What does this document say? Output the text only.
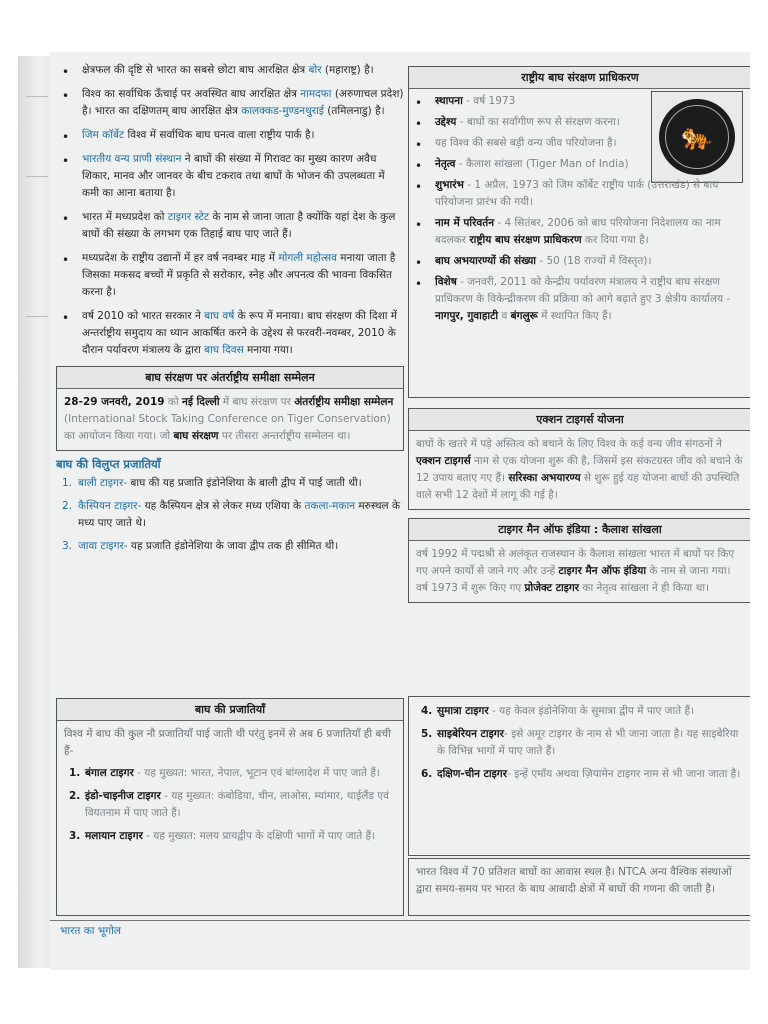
• क्षेत्रफल की दृष्टि से भारत का सबसे छोटा बाघ आरक्षित क्षेत्र बोर (महाराष्ट्र) है।
• विश्व का सर्वाधिक ऊँचाई पर अवस्थित बाघ आरक्षित क्षेत्र नामदफा (अरुणाचल प्रदेश) है। भारत का दक्षिणतम् बाघ आरक्षित क्षेत्र कालक्कड-मुण्डनथुराई (तमिलनाडु) है।
• जिम कॉर्बेट विश्व में सर्वाधिक बाघ घनत्व वाला राष्ट्रीय पार्क है।
• भारतीय वन्य प्राणी संस्थान ने बाघों की संख्या में गिरावट का मुख्य कारण अवैध शिकार, मानव और जानवर के बीच टकराव तथा बाघों के भोजन की उपलब्धता में कमी का आना बताया है।
• भारत में मध्यप्रदेश को टाइगर स्टेट के नाम से जाना जाता है क्योंकि यहां देश के कुल बाघों की संख्या के लगभग एक तिहाई बाघ पाए जाते हैं।
• मध्यप्रदेश के राष्ट्रीय उद्यानों में हर वर्ष नवम्बर माह में मोगली महोत्सव मनाया जाता है जिसका मकसद बच्चों में प्रकृति से सरोकार, स्नेह और अपनत्व की भावना विकसित करना है।
• वर्ष 2010 को भारत सरकार ने बाघ वर्ष के रूप में मनाया। बाघ संरक्षण की दिशा में अन्तर्राष्ट्रीय समुदाय का ध्यान आकर्षित करने के उद्देश्य से फरवरी-नवम्बर, 2010 के दौरान पर्यावरण मंत्रालय के द्वारा बाघ दिवस मनाया गया।
बाघ संरक्षण पर अंतर्राष्ट्रीय समीक्षा सम्मेलन
28-29 जनवरी, 2019 को नई दिल्ली में बाघ संरक्षण पर अंतर्राष्ट्रीय समीक्षा सम्मेलन (International Stock Taking Conference on Tiger Conservation) का आयोजन किया गया। जो बाघ संरक्षण पर तीसरा अन्तर्राष्ट्रीय सम्मेलन था।
बाघ की विलुप्त प्रजातियाँ
1. बाली टाइगर- बाघ की यह प्रजाति इंडोनेशिया के बाली द्वीप में पाई जाती थी।
2. कैस्पियन टाइगर- यह कैस्पियन क्षेत्र से लेकर मध्य एशिया के तकला-मकान मरुस्थल के मध्य पाए जाते थे।
3. जावा टाइगर- यह प्रजाति इंडोनेशिया के जावा द्वीप तक ही सीमित थी।
राष्ट्रीय बाघ संरक्षण प्राधिकरण
🐅
• स्थापना - वर्ष 1973
• उद्देश्य - बाघों का सर्वांगीण रूप से संरक्षण करना।
• यह विश्व की सबसे बड़ी वन्य जीव परियोजना है।
• नेतृत्व - कैलाश सांखला (Tiger Man of India)
• शुभारंभ - 1 अप्रैल, 1973 को जिम कॉर्बेट राष्ट्रीय पार्क (उत्तराखंड) से बाघ परियोजना प्रारंभ की गयी।
• नाम में परिवर्तन - 4 सितंबर, 2006 को बाघ परियोजना निदेशालय का नाम बदलकर राष्ट्रीय बाघ संरक्षण प्राधिकरण कर दिया गया है।
• बाघ अभयारण्यों की संख्या - 50 (18 राज्यों में विस्तृत)।
• विशेष - जनवरी, 2011 को केन्द्रीय पर्यावरण मंत्रालय ने राष्ट्रीय बाघ संरक्षण प्राधिकरण के विकेन्द्रीकरण की प्रक्रिया को आगे बढ़ाते हुए 3 क्षेत्रीय कार्यालय - नागपुर, गुवाहाटी व बंगलुरू में स्थापित किए हैं।
एक्शन टाइगर्स योजना
बाघों के खतरे में पड़े अस्तित्व को बचाने के लिए विश्व के कई वन्य जीव संगठनों ने एक्शन टाइगर्स नाम से एक योजना शुरू की है, जिसमें इस संकटग्रस्त जीव को बचाने के 12 उपाय बताए गए हैं। सरिस्का अभयारण्य से शुरू हुई यह योजना बाघों की उपस्थिति वाले सभी 12 देशों में लागू की गई है।
टाइगर मैन ऑफ इंडिया : कैलाश सांखला
वर्ष 1992 में पद्मश्री से अलंकृत राजस्थान के कैलाश सांखला भारत में बाघों पर किए गए अपने कार्यों से जाने गए और उन्हें टाइगर मैन ऑफ इंडिया के नाम से जाना गया। वर्ष 1973 में शुरू किए गए प्रोजेक्ट टाइगर का नेतृत्व सांखला ने ही किया था।
बाघ की प्रजातियाँ
विश्व में बाघ की कुल नौ प्रजातियाँ पाई जाती थी परंतु इनमें से अब 6 प्रजातियाँ ही बची हैं-
1. बंगाल टाइगर - यह मुख्यत: भारत, नेपाल, भूटान एवं बांग्लादेश में पाए जाते हैं।
2. इंडो-चाइनीज टाइगर - यह मुख्यत: कंबोडिया, चीन, लाओस, म्यांमार, थाईलैंड एवं वियतनाम में पाए जाते हैं।
3. मलायान टाइगर - यह मुख्यत: मलय प्रायद्वीप के दक्षिणी भागों में पाए जाते हैं।
4. सुमात्रा टाइगर - यह केवल इंडोनेशिया के सुमात्रा द्वीप में पाए जाते हैं।
5. साइबेरियन टाइगर- इसे अमूर टाइगर के नाम से भी जाना जाता है। यह साइबेरिया के विभिन्न भागों में पाए जाते हैं।
6. दक्षिण-चीन टाइगर- इन्हें एमॉय अथवा ज़ियामेन टाइगर नाम से भी जाना जाता है।
भारत विश्व में 70 प्रतिशत बाघों का आवास स्थल है। NTCA अन्य वैश्विक संस्थाओं द्वारा समय-समय पर भारत के बाघ आबादी क्षेत्रों में बाघों की गणना की जाती है।
भारत का भूगोल
